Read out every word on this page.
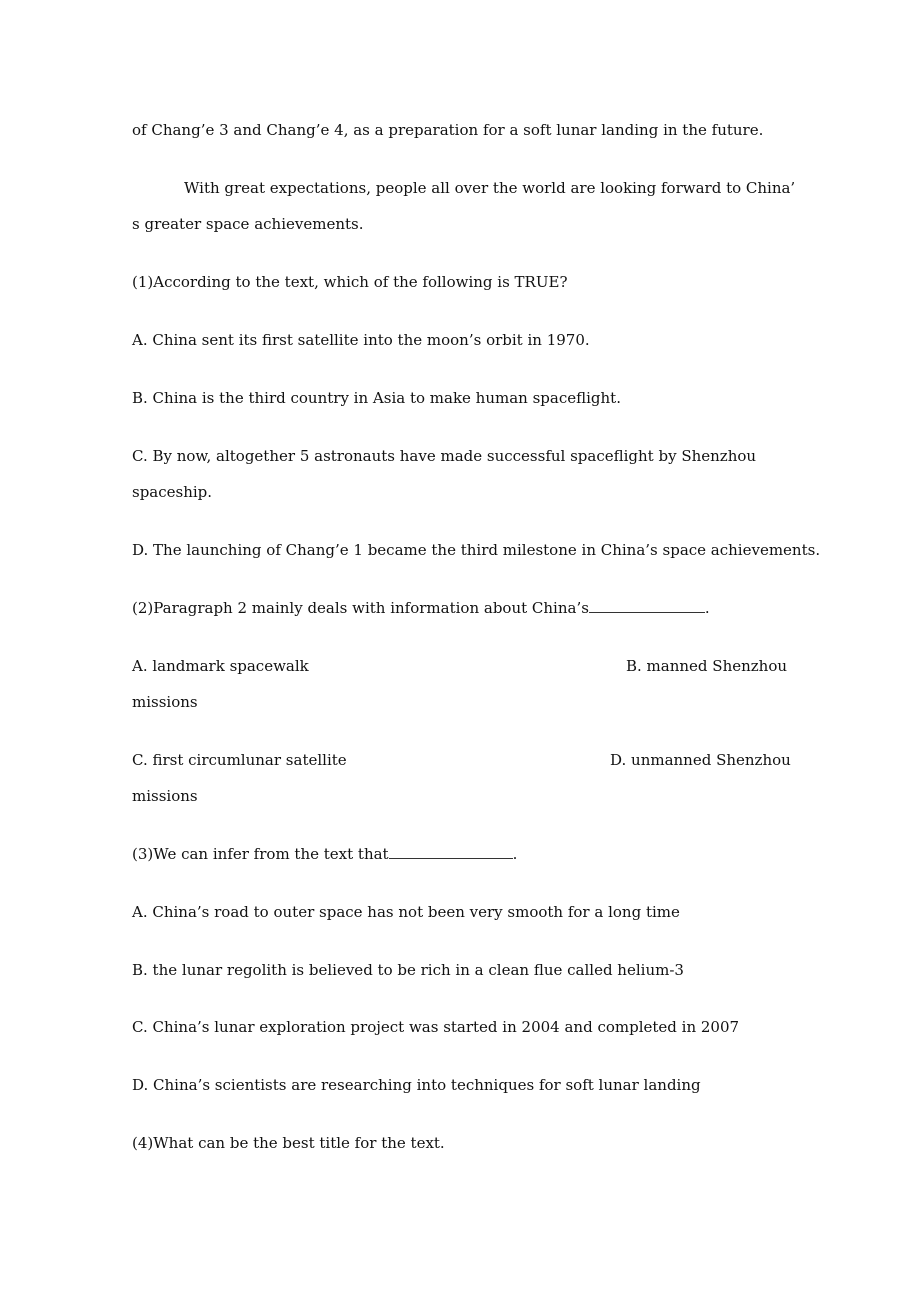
of Chang’e 3 and Chang’e 4, as a preparation for a soft lunar landing in the future.
With great expectations, people all over the world are looking forward to China’
s greater space achievements.
(1)According to the text, which of the following is TRUE?
A. China sent its first satellite into the moon’s orbit in 1970.
B. China is the third country in Asia to make human spaceflight.
C. By now, altogether 5 astronauts have made successful spaceflight by Shenzhou
spaceship.
D. The launching of Chang’e 1 became the third milestone in China’s space achievements.
(2)Paragraph 2 mainly deals with information about China’s	.
A. landmark spacewalk	B. manned Shenzhou
missions
C. first circumlunar satellite	D. unmanned Shenzhou
missions
(3)We can infer from the text that	.
A. China’s road to outer space has not been very smooth for a long time
B. the lunar regolith is believed to be rich in a clean flue called helium-3
C. China’s lunar exploration project was started in 2004 and completed in 2007
D. China’s scientists are researching into techniques for soft lunar landing
(4)What can be the best title for the text.
